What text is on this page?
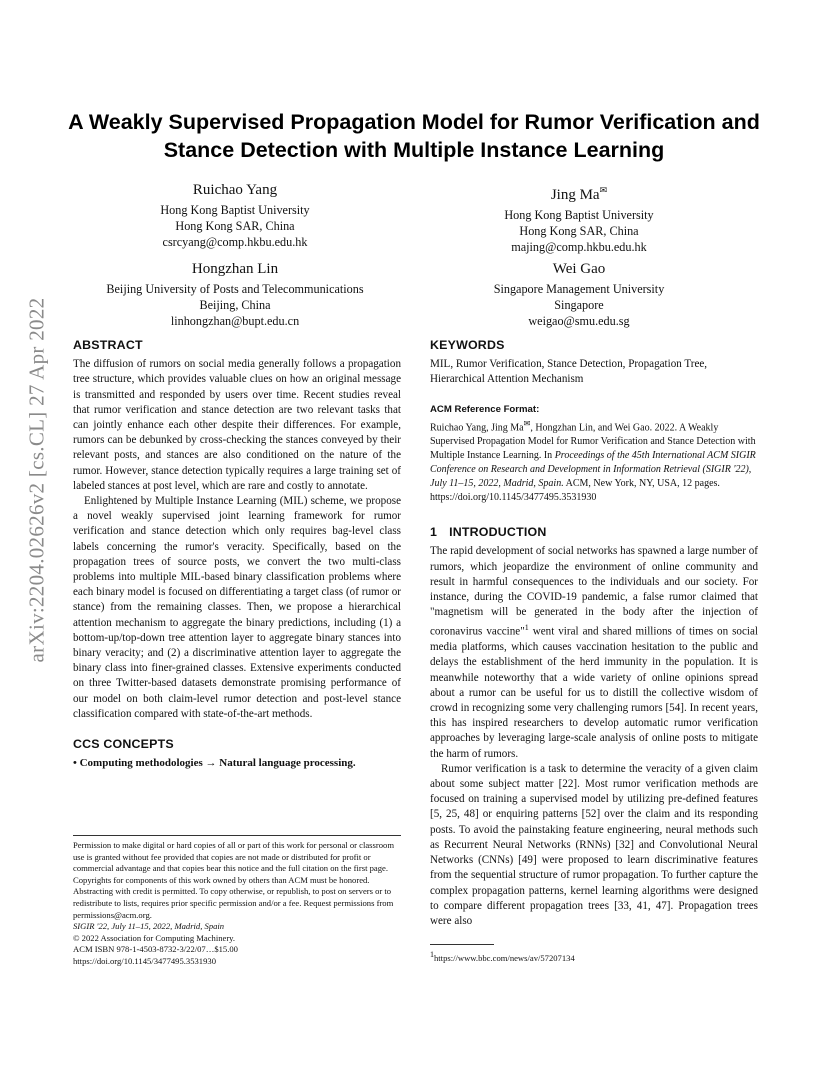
arXiv:2204.02626v2 [cs.CL] 27 Apr 2022
A Weakly Supervised Propagation Model for Rumor Verification and Stance Detection with Multiple Instance Learning
Ruichao Yang
Hong Kong Baptist University
Hong Kong SAR, China
csrcyang@comp.hkbu.edu.hk
Jing Ma✉
Hong Kong Baptist University
Hong Kong SAR, China
majing@comp.hkbu.edu.hk
Hongzhan Lin
Beijing University of Posts and Telecommunications
Beijing, China
linhongzhan@bupt.edu.cn
Wei Gao
Singapore Management University
Singapore
weigao@smu.edu.sg
ABSTRACT

The diffusion of rumors on social media generally follows a propagation tree structure, which provides valuable clues on how an original message is transmitted and responded by users over time. Recent studies reveal that rumor verification and stance detection are two relevant tasks that can jointly enhance each other despite their differences. For example, rumors can be debunked by cross-checking the stances conveyed by their relevant posts, and stances are also conditioned on the nature of the rumor. However, stance detection typically requires a large training set of labeled stances at post level, which are rare and costly to annotate.

Enlightened by Multiple Instance Learning (MIL) scheme, we propose a novel weakly supervised joint learning framework for rumor verification and stance detection which only requires bag-level class labels concerning the rumor's veracity. Specifically, based on the propagation trees of source posts, we convert the two multi-class problems into multiple MIL-based binary classification problems where each binary model is focused on differentiating a target class (of rumor or stance) from the remaining classes. Then, we propose a hierarchical attention mechanism to aggregate the binary predictions, including (1) a bottom-up/top-down tree attention layer to aggregate binary stances into binary veracity; and (2) a discriminative attention layer to aggregate the binary class into finer-grained classes. Extensive experiments conducted on three Twitter-based datasets demonstrate promising performance of our model on both claim-level rumor detection and post-level stance classification compared with state-of-the-art methods.

CCS CONCEPTS

• Computing methodologies → Natural language processing.

Permission to make digital or hard copies of all or part of this work for personal or classroom use is granted without fee provided that copies are not made or distributed for profit or commercial advantage and that copies bear this notice and the full citation on the first page. Copyrights for components of this work owned by others than ACM must be honored. Abstracting with credit is permitted. To copy otherwise, or republish, to post on servers or to redistribute to lists, requires prior specific permission and/or a fee. Request permissions from permissions@acm.org.

SIGIR '22, July 11–15, 2022, Madrid, Spain

© 2022 Association for Computing Machinery.

ACM ISBN 978-1-4503-8732-3/22/07…$15.00

https://doi.org/10.1145/3477495.3531930

KEYWORDS

MIL, Rumor Verification, Stance Detection, Propagation Tree, Hierarchical Attention Mechanism

ACM Reference Format:

Ruichao Yang, Jing Ma✉, Hongzhan Lin, and Wei Gao. 2022. A Weakly Supervised Propagation Model for Rumor Verification and Stance Detection with Multiple Instance Learning. In Proceedings of the 45th International ACM SIGIR Conference on Research and Development in Information Retrieval (SIGIR '22), July 11–15, 2022, Madrid, Spain. ACM, New York, NY, USA, 12 pages. https://doi.org/10.1145/3477495.3531930

1 INTRODUCTION

The rapid development of social networks has spawned a large number of rumors, which jeopardize the environment of online community and result in harmful consequences to the individuals and our society. For instance, during the COVID-19 pandemic, a false rumor claimed that "magnetism will be generated in the body after the injection of coronavirus vaccine"$^1$ went viral and shared millions of times on social media platforms, which causes vaccination hesitation to the public and delays the establishment of the herd immunity in the population. It is meanwhile noteworthy that a wide variety of online opinions spread about a rumor can be useful for us to distill the collective wisdom of crowd in recognizing some very challenging rumors [54]. In recent years, this has inspired researchers to develop automatic rumor verification approaches by leveraging large-scale analysis of online posts to mitigate the harm of rumors.

Rumor verification is a task to determine the veracity of a given claim about some subject matter [22]. Most rumor verification methods are focused on training a supervised model by utilizing pre-defined features [5, 25, 48] or enquiring patterns [52] over the claim and its responding posts. To avoid the painstaking feature engineering, neural methods such as Recurrent Neural Networks (RNNs) [32] and Convolutional Neural Networks (CNNs) [49] were proposed to learn discriminative features from the sequential structure of rumor propagation. To further capture the complex propagation patterns, kernel learning algorithms were designed to compare different propagation trees [33, 41, 47]. Propagation trees were also

$^1$https://www.bbc.com/news/av/57207134
